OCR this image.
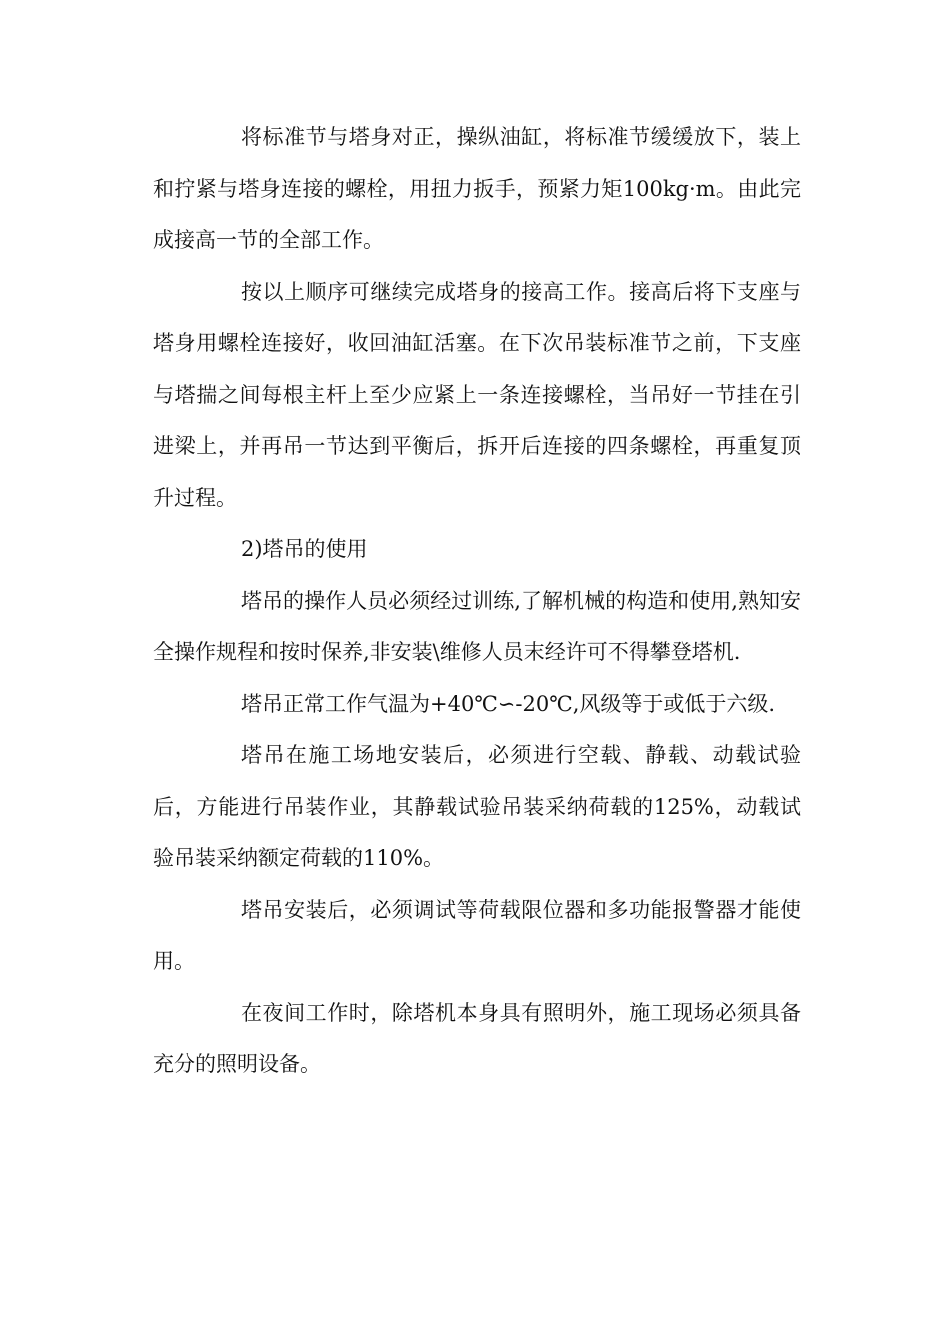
将标准节与塔身对正，操纵油缸，将标准节缓缓放下，装上和拧紧与塔身连接的螺栓，用扭力扳手，预紧力矩100kg·m。由此完成接高一节的全部工作。

按以上顺序可继续完成塔身的接高工作。接高后将下支座与塔身用螺栓连接好，收回油缸活塞。在下次吊装标准节之前，下支座与塔揣之间每根主杆上至少应紧上一条连接螺栓，当吊好一节挂在引进梁上，并再吊一节达到平衡后，拆开后连接的四条螺栓，再重复顶升过程。

2)塔吊的使用

塔吊的操作人员必须经过训练,了解机械的构造和使用,熟知安全操作规程和按时保养,非安装\维修人员末经许可不得攀登塔机.

塔吊正常工作气温为+40℃∽-20℃,风级等于或低于六级.

塔吊在施工场地安装后，必须进行空载、静载、动载试验后，方能进行吊装作业，其静载试验吊装采纳荷载的125%，动载试验吊装采纳额定荷载的110%。

塔吊安装后，必须调试等荷载限位器和多功能报警器才能使用。

在夜间工作时，除塔机本身具有照明外，施工现场必须具备充分的照明设备。
